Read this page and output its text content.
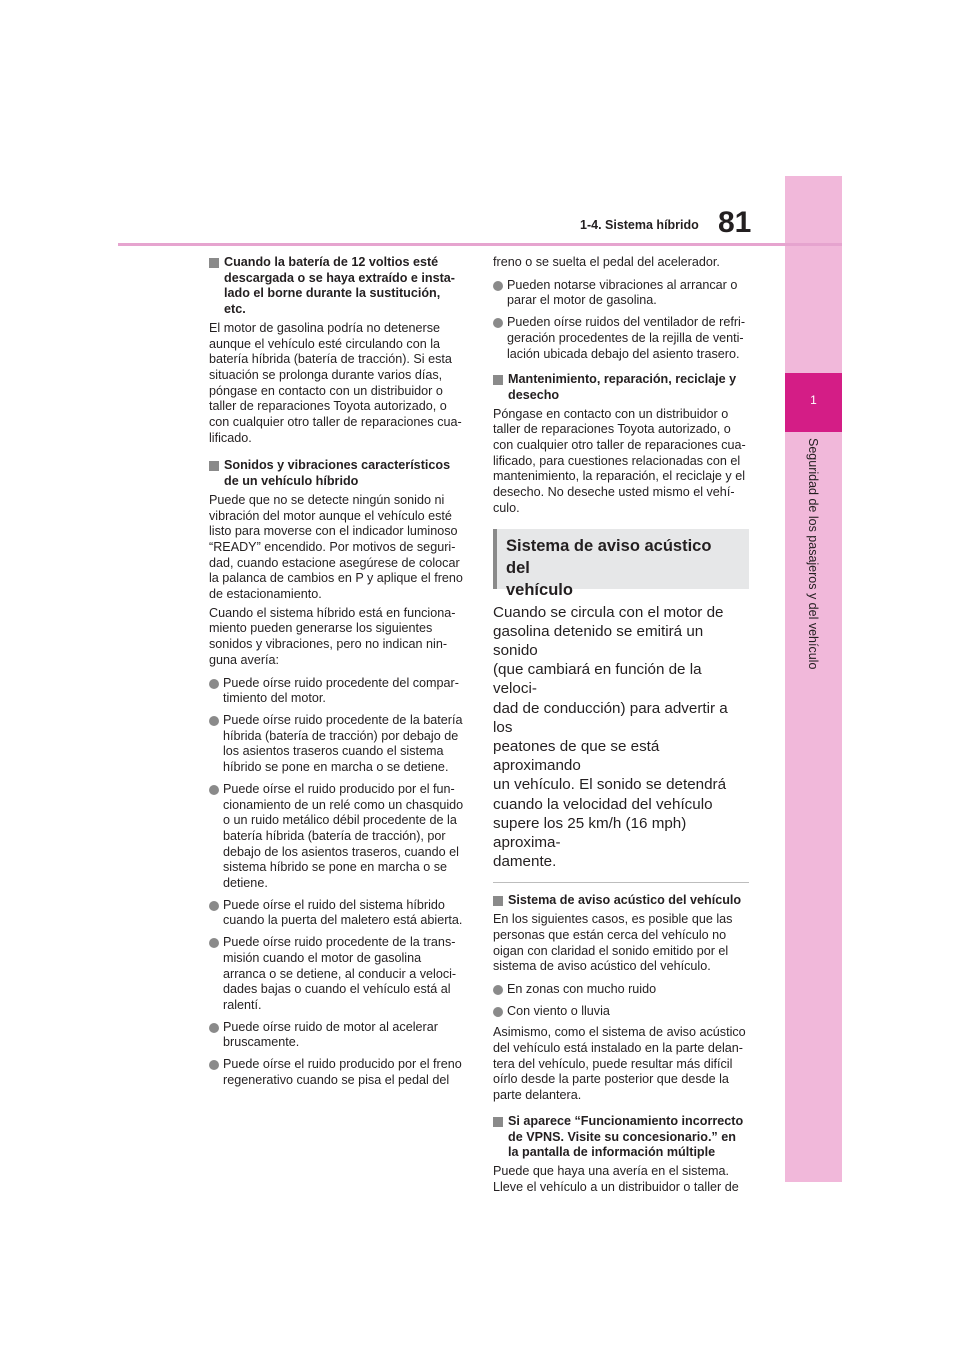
1
Seguridad de los pasajeros y del vehículo
1-4. Sistema híbrido 81
Cuando la batería de 12 voltios esté
descargada o se haya extraído e insta-
lado el borne durante la sustitución,
etc.

El motor de gasolina podría no detenerse
aunque el vehículo esté circulando con la
batería híbrida (batería de tracción). Si esta
situación se prolonga durante varios días,
póngase en contacto con un distribuidor o
taller de reparaciones Toyota autorizado, o
con cualquier otro taller de reparaciones cua-
lificado.

Sonidos y vibraciones característicos
de un vehículo híbrido

Puede que no se detecte ningún sonido ni
vibración del motor aunque el vehículo esté
listo para moverse con el indicador luminoso
“READY” encendido. Por motivos de seguri-
dad, cuando estacione asegúrese de colocar
la palanca de cambios en P y aplique el freno
de estacionamiento.

Cuando el sistema híbrido está en funciona-
miento pueden generarse los siguientes
sonidos y vibraciones, pero no indican nin-
guna avería:

Puede oírse ruido procedente del compar-
timiento del motor.
Puede oírse ruido procedente de la batería
híbrida (batería de tracción) por debajo de
los asientos traseros cuando el sistema
híbrido se pone en marcha o se detiene.
Puede oírse el ruido producido por el fun-
cionamiento de un relé como un chasquido
o un ruido metálico débil procedente de la
batería híbrida (batería de tracción), por
debajo de los asientos traseros, cuando el
sistema híbrido se pone en marcha o se
detiene.
Puede oírse el ruido del sistema híbrido
cuando la puerta del maletero está abierta.
Puede oírse ruido procedente de la trans-
misión cuando el motor de gasolina
arranca o se detiene, al conducir a veloci-
dades bajas o cuando el vehículo está al
ralentí.
Puede oírse ruido de motor al acelerar
bruscamente.
Puede oírse el ruido producido por el freno
regenerativo cuando se pisa el pedal del

freno o se suelta el pedal del acelerador.

Pueden notarse vibraciones al arrancar o
parar el motor de gasolina.
Pueden oírse ruidos del ventilador de refri-
geración procedentes de la rejilla de venti-
lación ubicada debajo del asiento trasero.
Mantenimiento, reparación, reciclaje y
desecho

Póngase en contacto con un distribuidor o
taller de reparaciones Toyota autorizado, o
con cualquier otro taller de reparaciones cua-
lificado, para cuestiones relacionadas con el
mantenimiento, la reparación, el reciclaje y el
desecho. No deseche usted mismo el vehí-
culo.

Sistema de aviso acústico del
vehículo

Cuando se circula con el motor de
gasolina detenido se emitirá un sonido
(que cambiará en función de la veloci-
dad de conducción) para advertir a los
peatones de que se está aproximando
un vehículo. El sonido se detendrá
cuando la velocidad del vehículo
supere los 25 km/h (16 mph) aproxima-
damente.

Sistema de aviso acústico del vehículo

En los siguientes casos, es posible que las
personas que están cerca del vehículo no
oigan con claridad el sonido emitido por el
sistema de aviso acústico del vehículo.

En zonas con mucho ruido
Con viento o lluvia

Asimismo, como el sistema de aviso acústico
del vehículo está instalado en la parte delan-
tera del vehículo, puede resultar más difícil
oírlo desde la parte posterior que desde la
parte delantera.

Si aparece “Funcionamiento incorrecto
de VPNS. Visite su concesionario.” en
la pantalla de información múltiple

Puede que haya una avería en el sistema.
Lleve el vehículo a un distribuidor o taller de
